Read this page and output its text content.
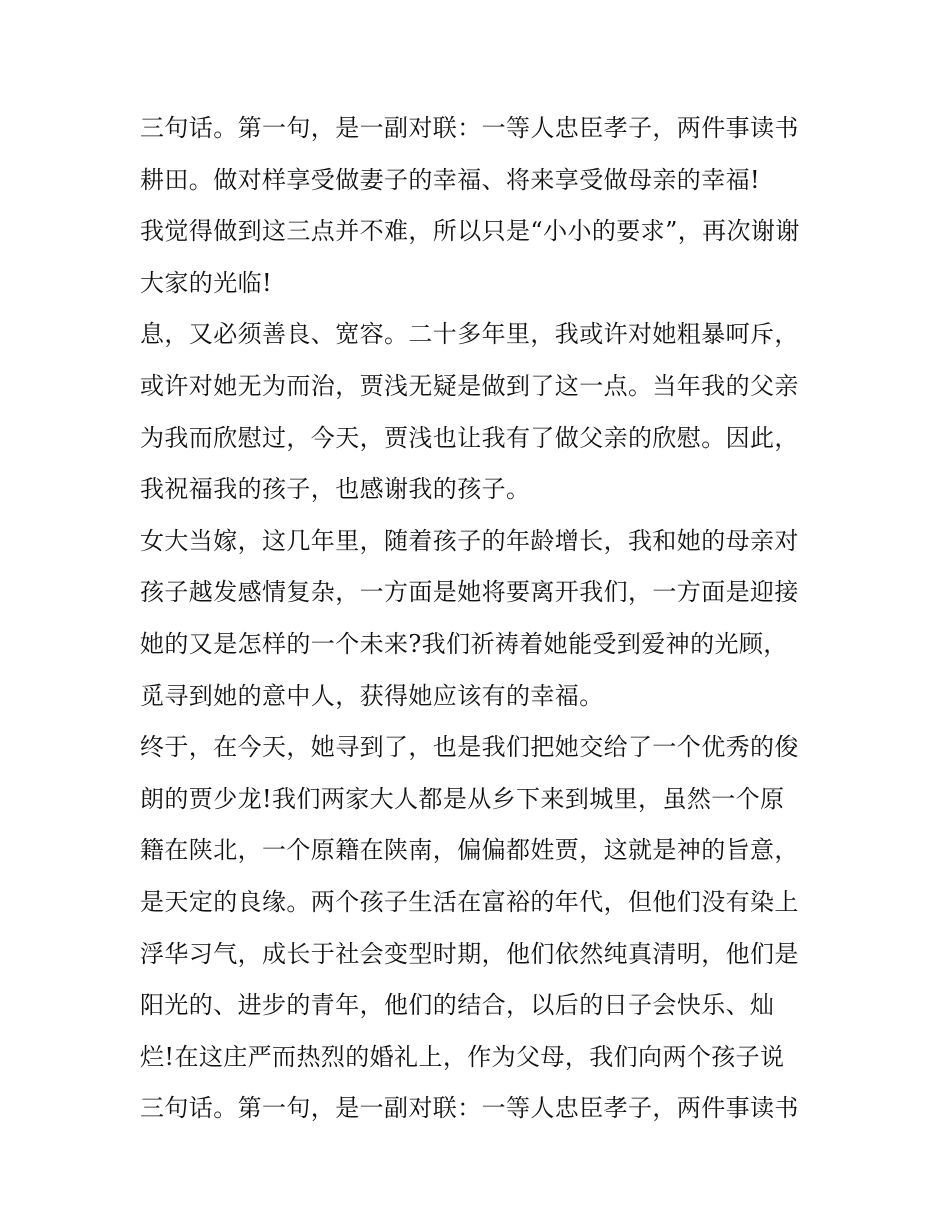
三句话。第一句，是一副对联：一等人忠臣孝子，两件事读书
耕田。做对样享受做妻子的幸福、将来享受做母亲的幸福!
我觉得做到这三点并不难，所以只是“小小的要求”，再次谢谢
大家的光临!
息，又必须善良、宽容。二十多年里，我或许对她粗暴呵斥，
或许对她无为而治，贾浅无疑是做到了这一点。当年我的父亲
为我而欣慰过，今天，贾浅也让我有了做父亲的欣慰。因此，
我祝福我的孩子，也感谢我的孩子。
女大当嫁，这几年里，随着孩子的年龄增长，我和她的母亲对
孩子越发感情复杂，一方面是她将要离开我们，一方面是迎接
她的又是怎样的一个未来?我们祈祷着她能受到爱神的光顾，
觅寻到她的意中人，获得她应该有的幸福。
终于，在今天，她寻到了，也是我们把她交给了一个优秀的俊
朗的贾少龙!我们两家大人都是从乡下来到城里，虽然一个原
籍在陕北，一个原籍在陕南，偏偏都姓贾，这就是神的旨意，
是天定的良缘。两个孩子生活在富裕的年代，但他们没有染上
浮华习气，成长于社会变型时期，他们依然纯真清明，他们是
阳光的、进步的青年，他们的结合，以后的日子会快乐、灿
烂!在这庄严而热烈的婚礼上，作为父母，我们向两个孩子说
三句话。第一句，是一副对联：一等人忠臣孝子，两件事读书
